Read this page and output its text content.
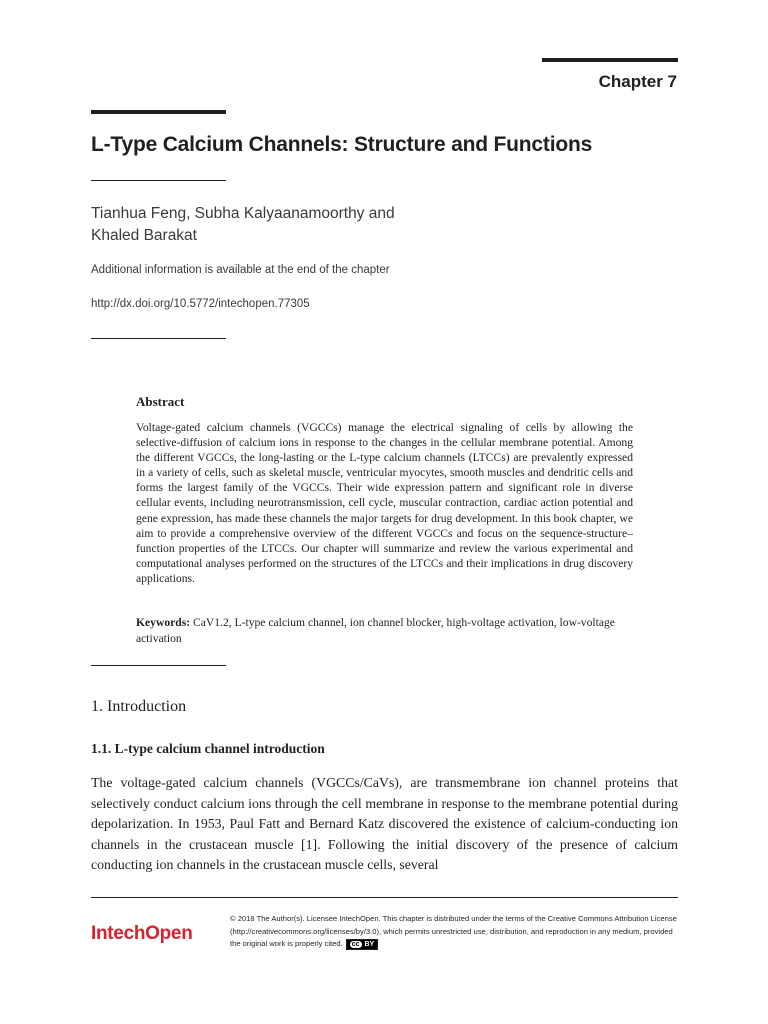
Chapter 7
L-Type Calcium Channels: Structure and Functions
Tianhua Feng, Subha Kalyaanamoorthy and
Khaled Barakat
Additional information is available at the end of the chapter
http://dx.doi.org/10.5772/intechopen.77305
Abstract
Voltage-gated calcium channels (VGCCs) manage the electrical signaling of cells by allowing the selective-diffusion of calcium ions in response to the changes in the cellular membrane potential. Among the different VGCCs, the long-lasting or the L-type calcium channels (LTCCs) are prevalently expressed in a variety of cells, such as skeletal muscle, ventricular myocytes, smooth muscles and dendritic cells and forms the largest family of the VGCCs. Their wide expression pattern and significant role in diverse cellular events, including neurotransmission, cell cycle, muscular contraction, cardiac action potential and gene expression, has made these channels the major targets for drug development. In this book chapter, we aim to provide a comprehensive overview of the different VGCCs and focus on the sequence-structure–function properties of the LTCCs. Our chapter will summarize and review the various experimental and computational analyses performed on the structures of the LTCCs and their implications in drug discovery applications.
Keywords: CaV1.2, L-type calcium channel, ion channel blocker, high-voltage activation, low-voltage activation
1. Introduction
1.1. L-type calcium channel introduction
The voltage-gated calcium channels (VGCCs/CaVs), are transmembrane ion channel proteins that selectively conduct calcium ions through the cell membrane in response to the membrane potential during depolarization. In 1953, Paul Fatt and Bernard Katz discovered the existence of calcium-conducting ion channels in the crustacean muscle [1]. Following the initial discovery of the presence of calcium conducting ion channels in the crustacean muscle cells, several
IntechOpen
© 2018 The Author(s). Licensee IntechOpen. This chapter is distributed under the terms of the Creative Commons Attribution License (http://creativecommons.org/licenses/by/3.0), which permits unrestricted use, distribution, and reproduction in any medium, provided the original work is properly cited. cc BY
